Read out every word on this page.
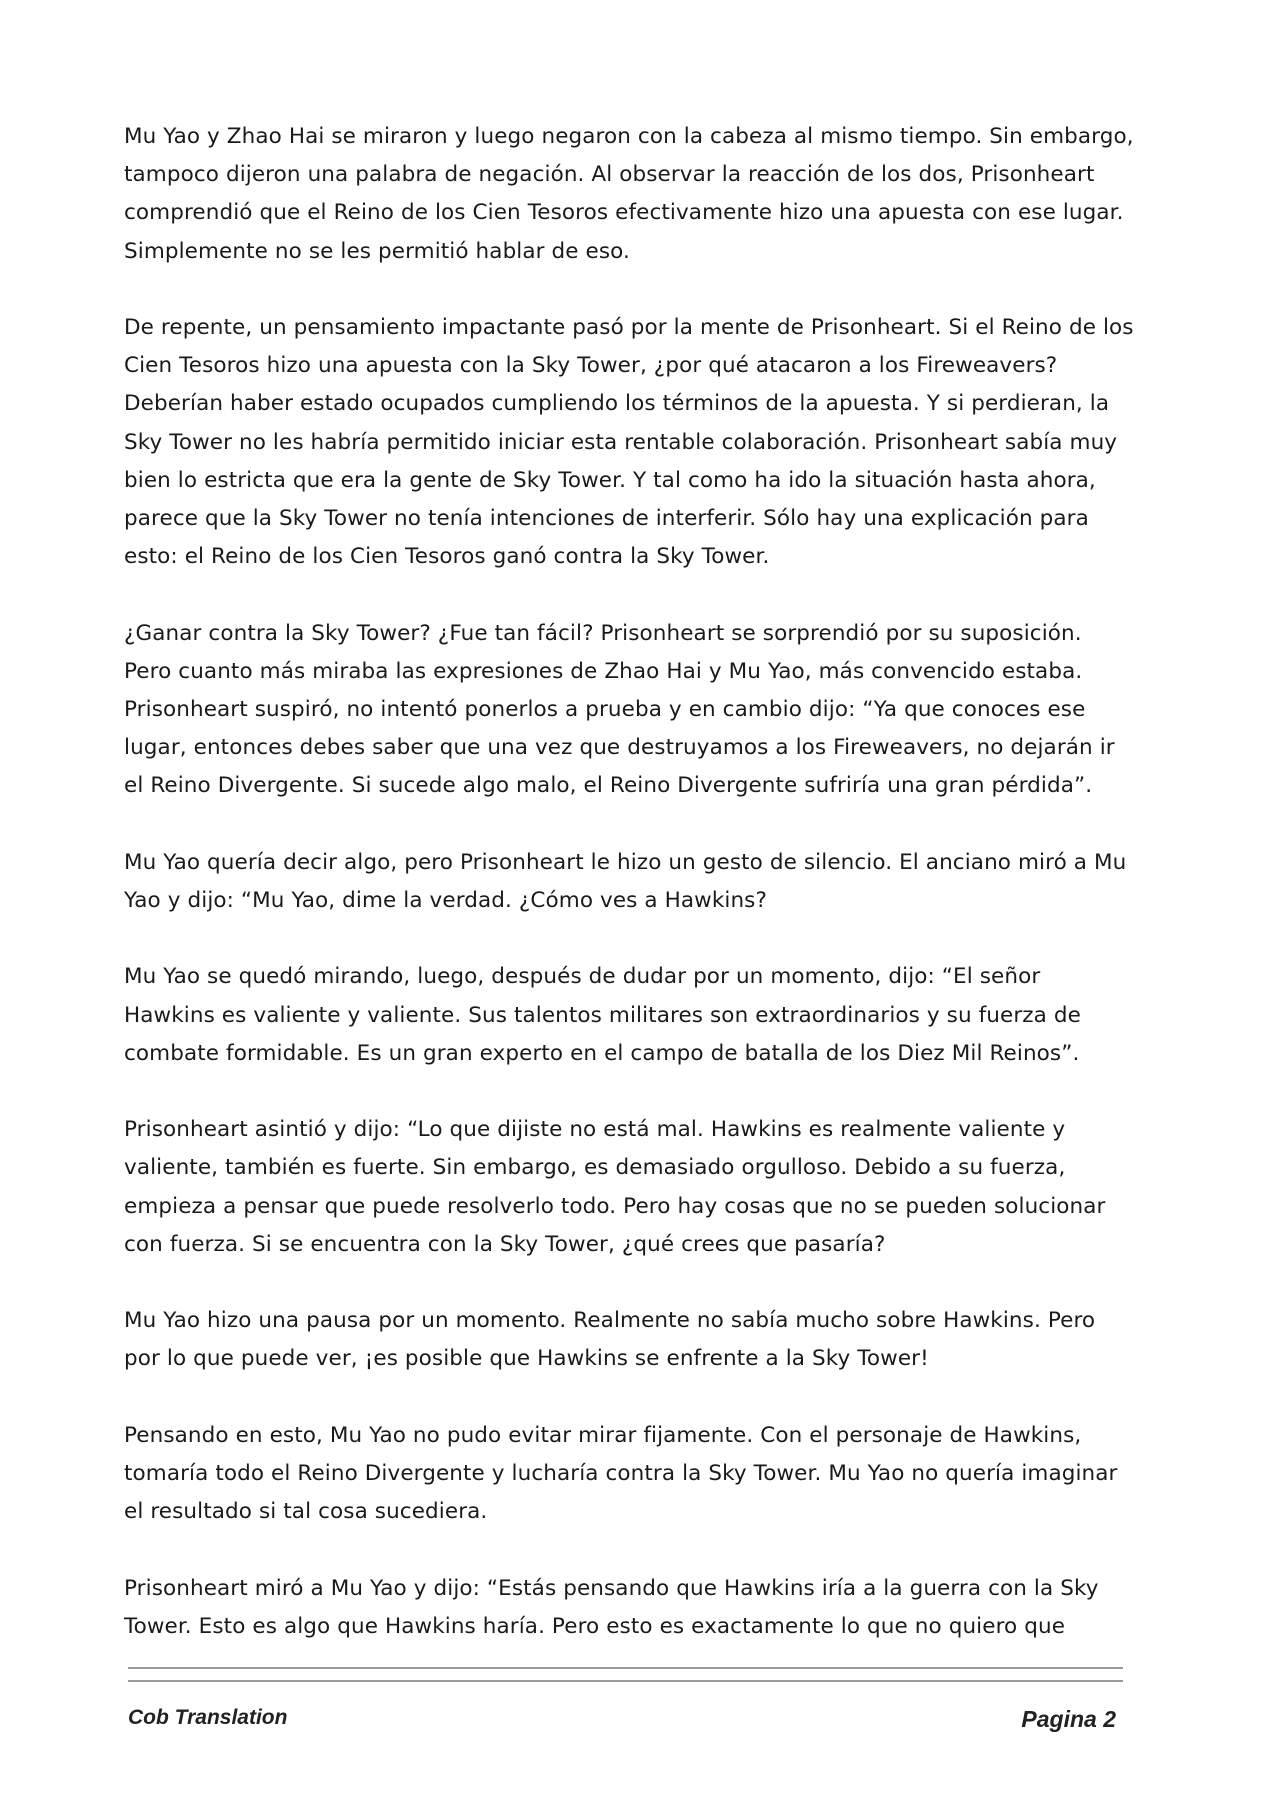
Mu Yao y Zhao Hai se miraron y luego negaron con la cabeza al mismo tiempo. Sin embargo, tampoco dijeron una palabra de negación. Al observar la reacción de los dos, Prisonheart comprendió que el Reino de los Cien Tesoros efectivamente hizo una apuesta con ese lugar. Simplemente no se les permitió hablar de eso.

De repente, un pensamiento impactante pasó por la mente de Prisonheart. Si el Reino de los Cien Tesoros hizo una apuesta con la Sky Tower, ¿por qué atacaron a los Fireweavers? Deberían haber estado ocupados cumpliendo los términos de la apuesta. Y si perdieran, la Sky Tower no les habría permitido iniciar esta rentable colaboración. Prisonheart sabía muy bien lo estricta que era la gente de Sky Tower. Y tal como ha ido la situación hasta ahora, parece que la Sky Tower no tenía intenciones de interferir. Sólo hay una explicación para esto: el Reino de los Cien Tesoros ganó contra la Sky Tower.

¿Ganar contra la Sky Tower? ¿Fue tan fácil? Prisonheart se sorprendió por su suposición. Pero cuanto más miraba las expresiones de Zhao Hai y Mu Yao, más convencido estaba. Prisonheart suspiró, no intentó ponerlos a prueba y en cambio dijo: “Ya que conoces ese lugar, entonces debes saber que una vez que destruyamos a los Fireweavers, no dejarán ir el Reino Divergente. Si sucede algo malo, el Reino Divergente sufriría una gran pérdida”.

Mu Yao quería decir algo, pero Prisonheart le hizo un gesto de silencio. El anciano miró a Mu Yao y dijo: “Mu Yao, dime la verdad. ¿Cómo ves a Hawkins?

Mu Yao se quedó mirando, luego, después de dudar por un momento, dijo: “El señor Hawkins es valiente y valiente. Sus talentos militares son extraordinarios y su fuerza de combate formidable. Es un gran experto en el campo de batalla de los Diez Mil Reinos”.

Prisonheart asintió y dijo: “Lo que dijiste no está mal. Hawkins es realmente valiente y valiente, también es fuerte. Sin embargo, es demasiado orgulloso. Debido a su fuerza, empieza a pensar que puede resolverlo todo. Pero hay cosas que no se pueden solucionar con fuerza. Si se encuentra con la Sky Tower, ¿qué crees que pasaría?

Mu Yao hizo una pausa por un momento. Realmente no sabía mucho sobre Hawkins. Pero por lo que puede ver, ¡es posible que Hawkins se enfrente a la Sky Tower!

Pensando en esto, Mu Yao no pudo evitar mirar fijamente. Con el personaje de Hawkins, tomaría todo el Reino Divergente y lucharía contra la Sky Tower. Mu Yao no quería imaginar el resultado si tal cosa sucediera.

Prisonheart miró a Mu Yao y dijo: “Estás pensando que Hawkins iría a la guerra con la Sky Tower. Esto es algo que Hawkins haría. Pero esto es exactamente lo que no quiero que

Cob Translation	Pagina 2
